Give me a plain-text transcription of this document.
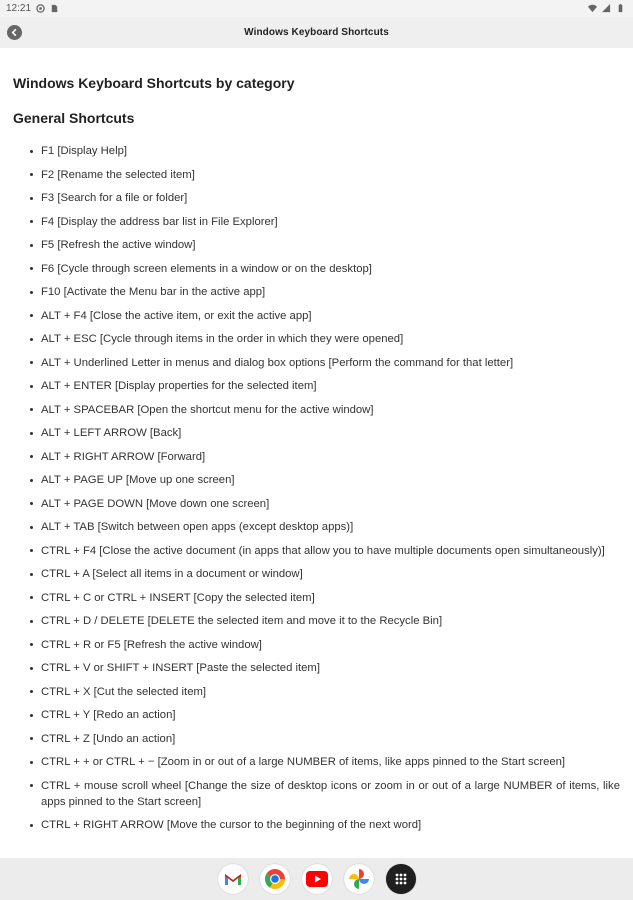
12:21
Windows Keyboard Shortcuts
Windows Keyboard Shortcuts by category
General Shortcuts
F1 [Display Help]
F2 [Rename the selected item]
F3 [Search for a file or folder]
F4 [Display the address bar list in File Explorer]
F5 [Refresh the active window]
F6 [Cycle through screen elements in a window or on the desktop]
F10 [Activate the Menu bar in the active app]
ALT + F4 [Close the active item, or exit the active app]
ALT + ESC [Cycle through items in the order in which they were opened]
ALT + Underlined Letter in menus and dialog box options [Perform the command for that letter]
ALT + ENTER [Display properties for the selected item]
ALT + SPACEBAR [Open the shortcut menu for the active window]
ALT + LEFT ARROW [Back]
ALT + RIGHT ARROW [Forward]
ALT + PAGE UP [Move up one screen]
ALT + PAGE DOWN [Move down one screen]
ALT + TAB [Switch between open apps (except desktop apps)]
CTRL + F4 [Close the active document (in apps that allow you to have multiple documents open simultaneously)]
CTRL + A [Select all items in a document or window]
CTRL + C or CTRL + INSERT [Copy the selected item]
CTRL + D / DELETE [DELETE the selected item and move it to the Recycle Bin]
CTRL + R or F5 [Refresh the active window]
CTRL + V or SHIFT + INSERT [Paste the selected item]
CTRL + X [Cut the selected item]
CTRL + Y [Redo an action]
CTRL + Z [Undo an action]
CTRL + + or CTRL + − [Zoom in or out of a large NUMBER of items, like apps pinned to the Start screen]
CTRL + mouse scroll wheel [Change the size of desktop icons or zoom in or out of a large NUMBER of items, like apps pinned to the Start screen]
CTRL + RIGHT ARROW [Move the cursor to the beginning of the next word]
